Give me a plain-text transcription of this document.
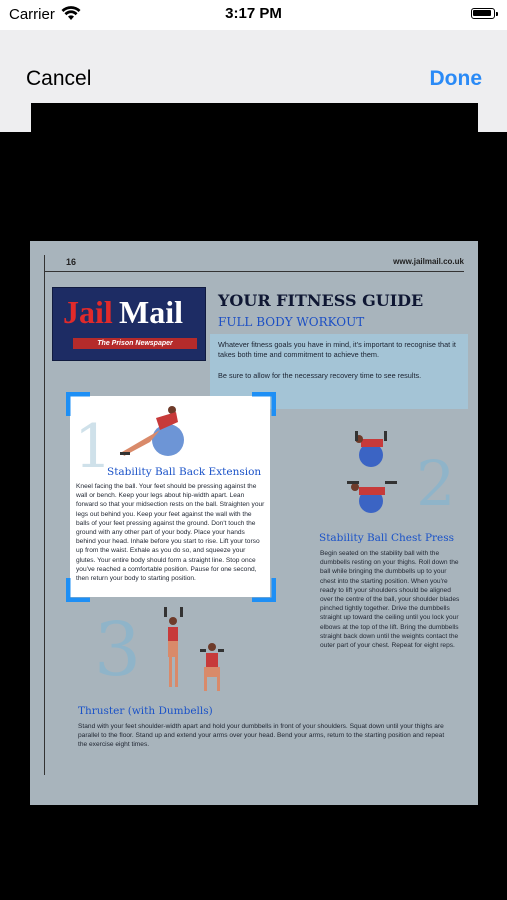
Carrier	3:17 PM
Cancel	Done
16	www.jailmail.co.uk
Jail Mail
The Prison Newspaper
YOUR FITNESS GUIDE
FULL BODY WORKOUT
Whatever fitness goals you have in mind, it's important to recognise that it takes both time and commitment to achieve them.
Be sure to allow for the necessary recovery time to see results.
2
Stability Ball Chest Press
Begin seated on the stability ball with the dumbbells resting on your thighs. Roll down the ball while bringing the dumbbells up to your chest into the starting position. When you're ready to lift your shoulders should be aligned over the centre of the ball, your shoulder blades pinched tightly together. Drive the dumbbells straight up toward the ceiling until you lock your elbows at the top of the lift. Bring the dumbbells straight back down until the weights contact the outer part of your chest. Repeat for eight reps.
3
Thruster (with Dumbells)
Stand with your feet shoulder-width apart and hold your dumbbells in front of your shoulders. Squat down until your thighs are parallel to the floor. Stand up and extend your arms over your head. Bend your arms, return to the starting position and repeat the exercise eight times.
1
Stability Ball Back Extension
Kneel facing the ball. Your feet should be pressing against the wall or bench. Keep your legs about hip-width apart. Lean forward so that your midsection rests on the ball. Straighten your legs out behind you. Keep your feet against the wall with the balls of your feet pressing against the ground. Don't touch the ground with any other part of your body. Place your hands behind your head. Inhale before you start to rise. Lift your torso up from the waist. Exhale as you do so, and squeeze your glutes. Your entire body should form a straight line. Stop once you've reached a comfortable position. Pause for one second, then return your body to starting position.
